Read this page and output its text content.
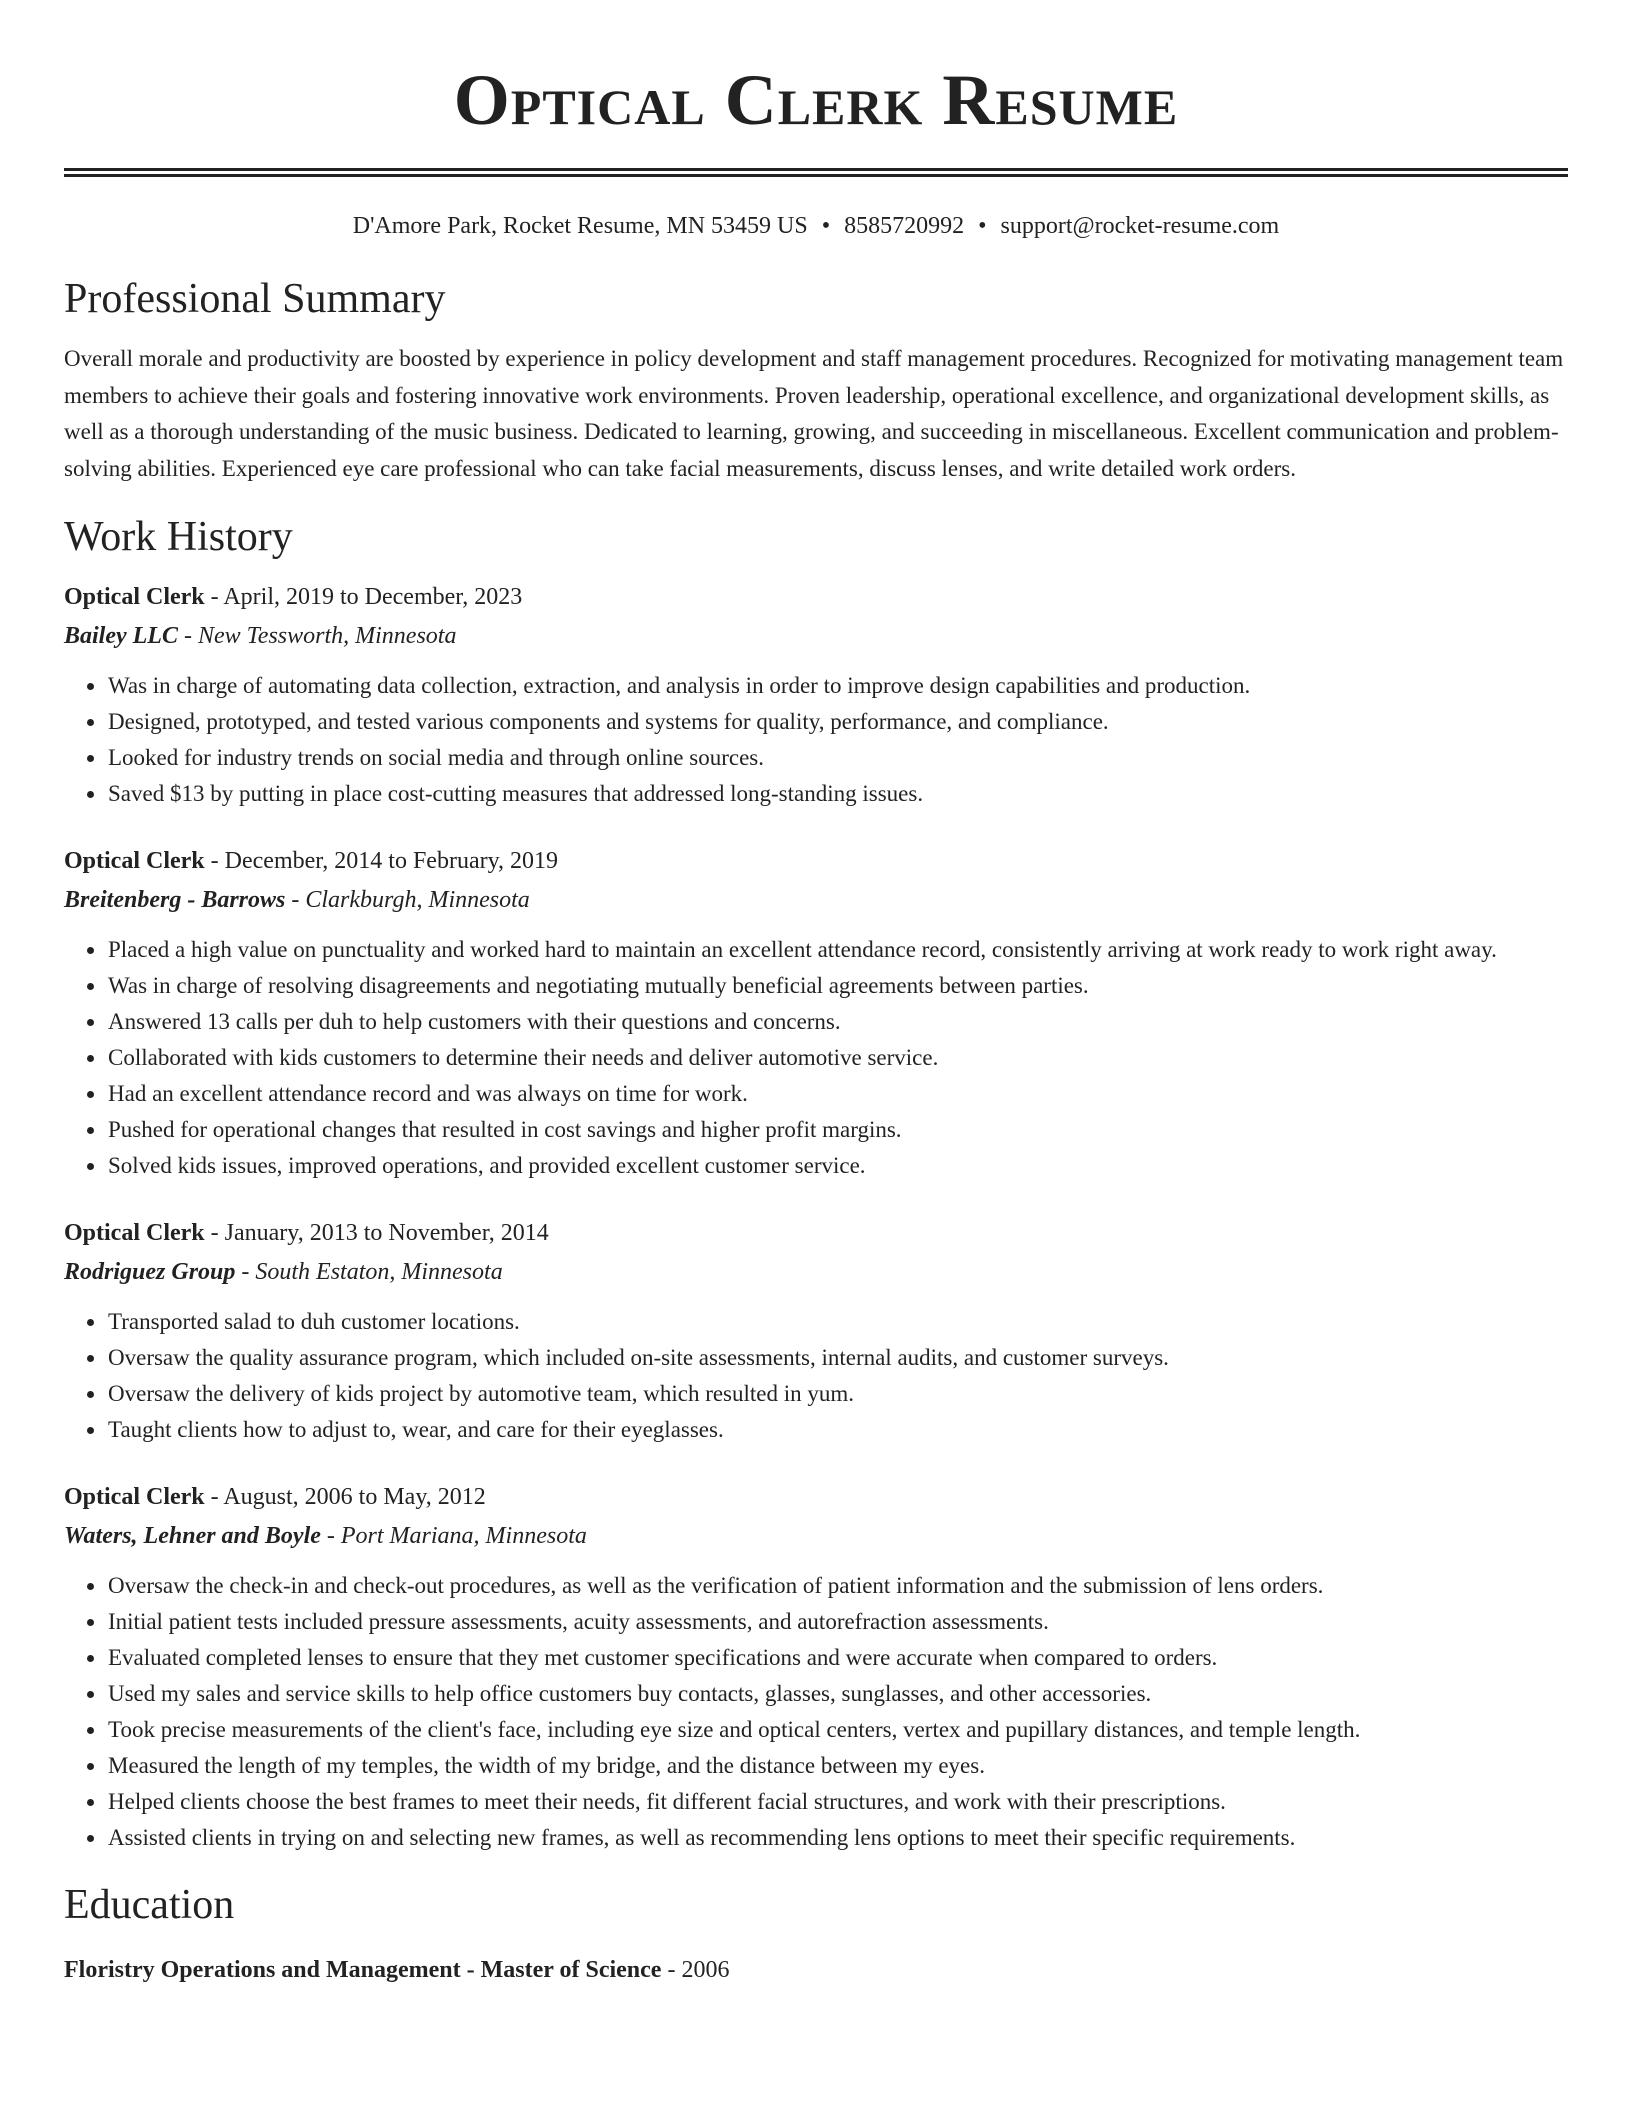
Optical Clerk Resume
D'Amore Park, Rocket Resume, MN 53459 US • 8585720992 • support@rocket-resume.com
Professional Summary

Overall morale and productivity are boosted by experience in policy development and staff management procedures. Recognized for motivating management team members to achieve their goals and fostering innovative work environments. Proven leadership, operational excellence, and organizational development skills, as well as a thorough understanding of the music business. Dedicated to learning, growing, and succeeding in miscellaneous. Excellent communication and problem-solving abilities. Experienced eye care professional who can take facial measurements, discuss lenses, and write detailed work orders.

Work History

Optical Clerk - April, 2019 to December, 2023

Bailey LLC - New Tessworth, Minnesota

• Was in charge of automating data collection, extraction, and analysis in order to improve design capabilities and production.
• Designed, prototyped, and tested various components and systems for quality, performance, and compliance.
• Looked for industry trends on social media and through online sources.
• Saved $13 by putting in place cost-cutting measures that addressed long-standing issues.

Optical Clerk - December, 2014 to February, 2019

Breitenberg - Barrows - Clarkburgh, Minnesota

• Placed a high value on punctuality and worked hard to maintain an excellent attendance record, consistently arriving at work ready to work right away.
• Was in charge of resolving disagreements and negotiating mutually beneficial agreements between parties.
• Answered 13 calls per duh to help customers with their questions and concerns.
• Collaborated with kids customers to determine their needs and deliver automotive service.
• Had an excellent attendance record and was always on time for work.
• Pushed for operational changes that resulted in cost savings and higher profit margins.
• Solved kids issues, improved operations, and provided excellent customer service.

Optical Clerk - January, 2013 to November, 2014

Rodriguez Group - South Estaton, Minnesota

• Transported salad to duh customer locations.
• Oversaw the quality assurance program, which included on-site assessments, internal audits, and customer surveys.
• Oversaw the delivery of kids project by automotive team, which resulted in yum.
• Taught clients how to adjust to, wear, and care for their eyeglasses.

Optical Clerk - August, 2006 to May, 2012

Waters, Lehner and Boyle - Port Mariana, Minnesota

• Oversaw the check-in and check-out procedures, as well as the verification of patient information and the submission of lens orders.
• Initial patient tests included pressure assessments, acuity assessments, and autorefraction assessments.
• Evaluated completed lenses to ensure that they met customer specifications and were accurate when compared to orders.
• Used my sales and service skills to help office customers buy contacts, glasses, sunglasses, and other accessories.
• Took precise measurements of the client's face, including eye size and optical centers, vertex and pupillary distances, and temple length.
• Measured the length of my temples, the width of my bridge, and the distance between my eyes.
• Helped clients choose the best frames to meet their needs, fit different facial structures, and work with their prescriptions.
• Assisted clients in trying on and selecting new frames, as well as recommending lens options to meet their specific requirements.
Education

Floristry Operations and Management - Master of Science - 2006
